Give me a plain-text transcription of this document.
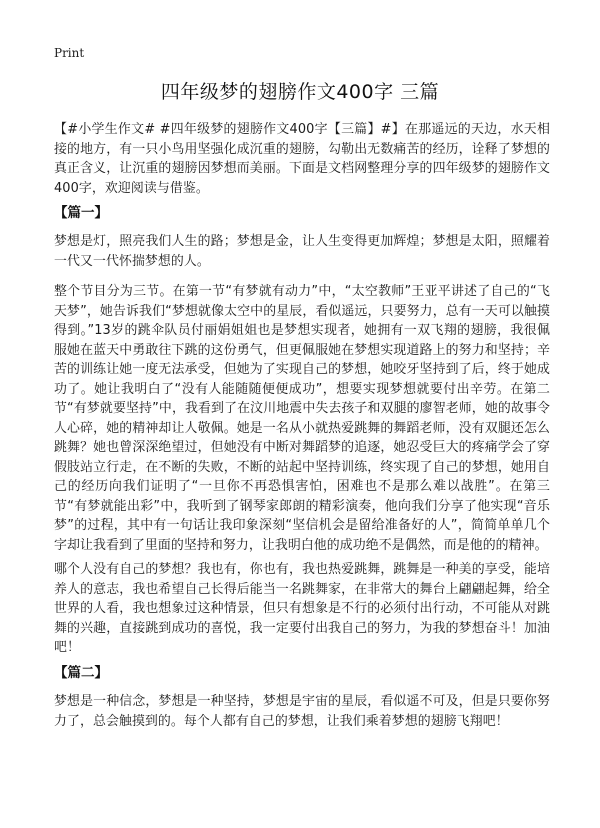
Print
四年级梦的翅膀作文400字 三篇
【#小学生作文# #四年级梦的翅膀作文400字【三篇】#】在那遥远的天边，水天相接的地方，有一只小鸟用坚强化成沉重的翅膀，勾勒出无数痛苦的经历，诠释了梦想的真正含义，让沉重的翅膀因梦想而美丽。下面是文档网整理分享的四年级梦的翅膀作文400字，欢迎阅读与借鉴。
【篇一】
梦想是灯，照亮我们人生的路；梦想是金，让人生变得更加辉煌；梦想是太阳，照耀着一代又一代怀揣梦想的人。
整个节目分为三节。在第一节“有梦就有动力”中，“太空教师”王亚平讲述了自己的“飞天梦”，她告诉我们“梦想就像太空中的星辰，看似遥远，只要努力，总有一天可以触摸得到。”13岁的跳伞队员付丽娟姐姐也是梦想实现者，她拥有一双飞翔的翅膀，我很佩服她在蓝天中勇敢往下跳的这份勇气，但更佩服她在梦想实现道路上的努力和坚持；辛苦的训练让她一度无法承受，但她为了实现自己的梦想，她咬牙坚持到了后，终于她成功了。她让我明白了“没有人能随随便便成功”，想要实现梦想就要付出辛劳。在第二节“有梦就要坚持”中，我看到了在汶川地震中失去孩子和双腿的廖智老师，她的故事令人心碎，她的精神却让人敬佩。她是一名从小就热爱跳舞的舞蹈老师，没有双腿还怎么跳舞？她也曾深深绝望过，但她没有中断对舞蹈梦的追逐，她忍受巨大的疼痛学会了穿假肢站立行走，在不断的失败，不断的站起中坚持训练，终实现了自己的梦想，她用自己的经历向我们证明了“一旦你不再恐惧害怕，困难也不是那么难以战胜”。在第三节“有梦就能出彩”中，我听到了钢琴家郎朗的精彩演奏，他向我们分享了他实现“音乐梦”的过程，其中有一句话让我印象深刻“坚信机会是留给准备好的人”，简简单单几个字却让我看到了里面的坚持和努力，让我明白他的成功绝不是偶然，而是他的的精神。
哪个人没有自己的梦想？我也有，你也有，我也热爱跳舞，跳舞是一种美的享受，能培养人的意志，我也希望自己长得后能当一名跳舞家，在非常大的舞台上翩翩起舞，给全世界的人看，我也想象过这种情景，但只有想象是不行的必须付出行动，不可能从对跳舞的兴趣，直接跳到成功的喜悦，我一定要付出我自己的努力，为我的梦想奋斗！加油吧！
【篇二】
梦想是一种信念，梦想是一种坚持，梦想是宇宙的星辰，看似遥不可及，但是只要你努力了，总会触摸到的。每个人都有自己的梦想，让我们乘着梦想的翅膀飞翔吧！
